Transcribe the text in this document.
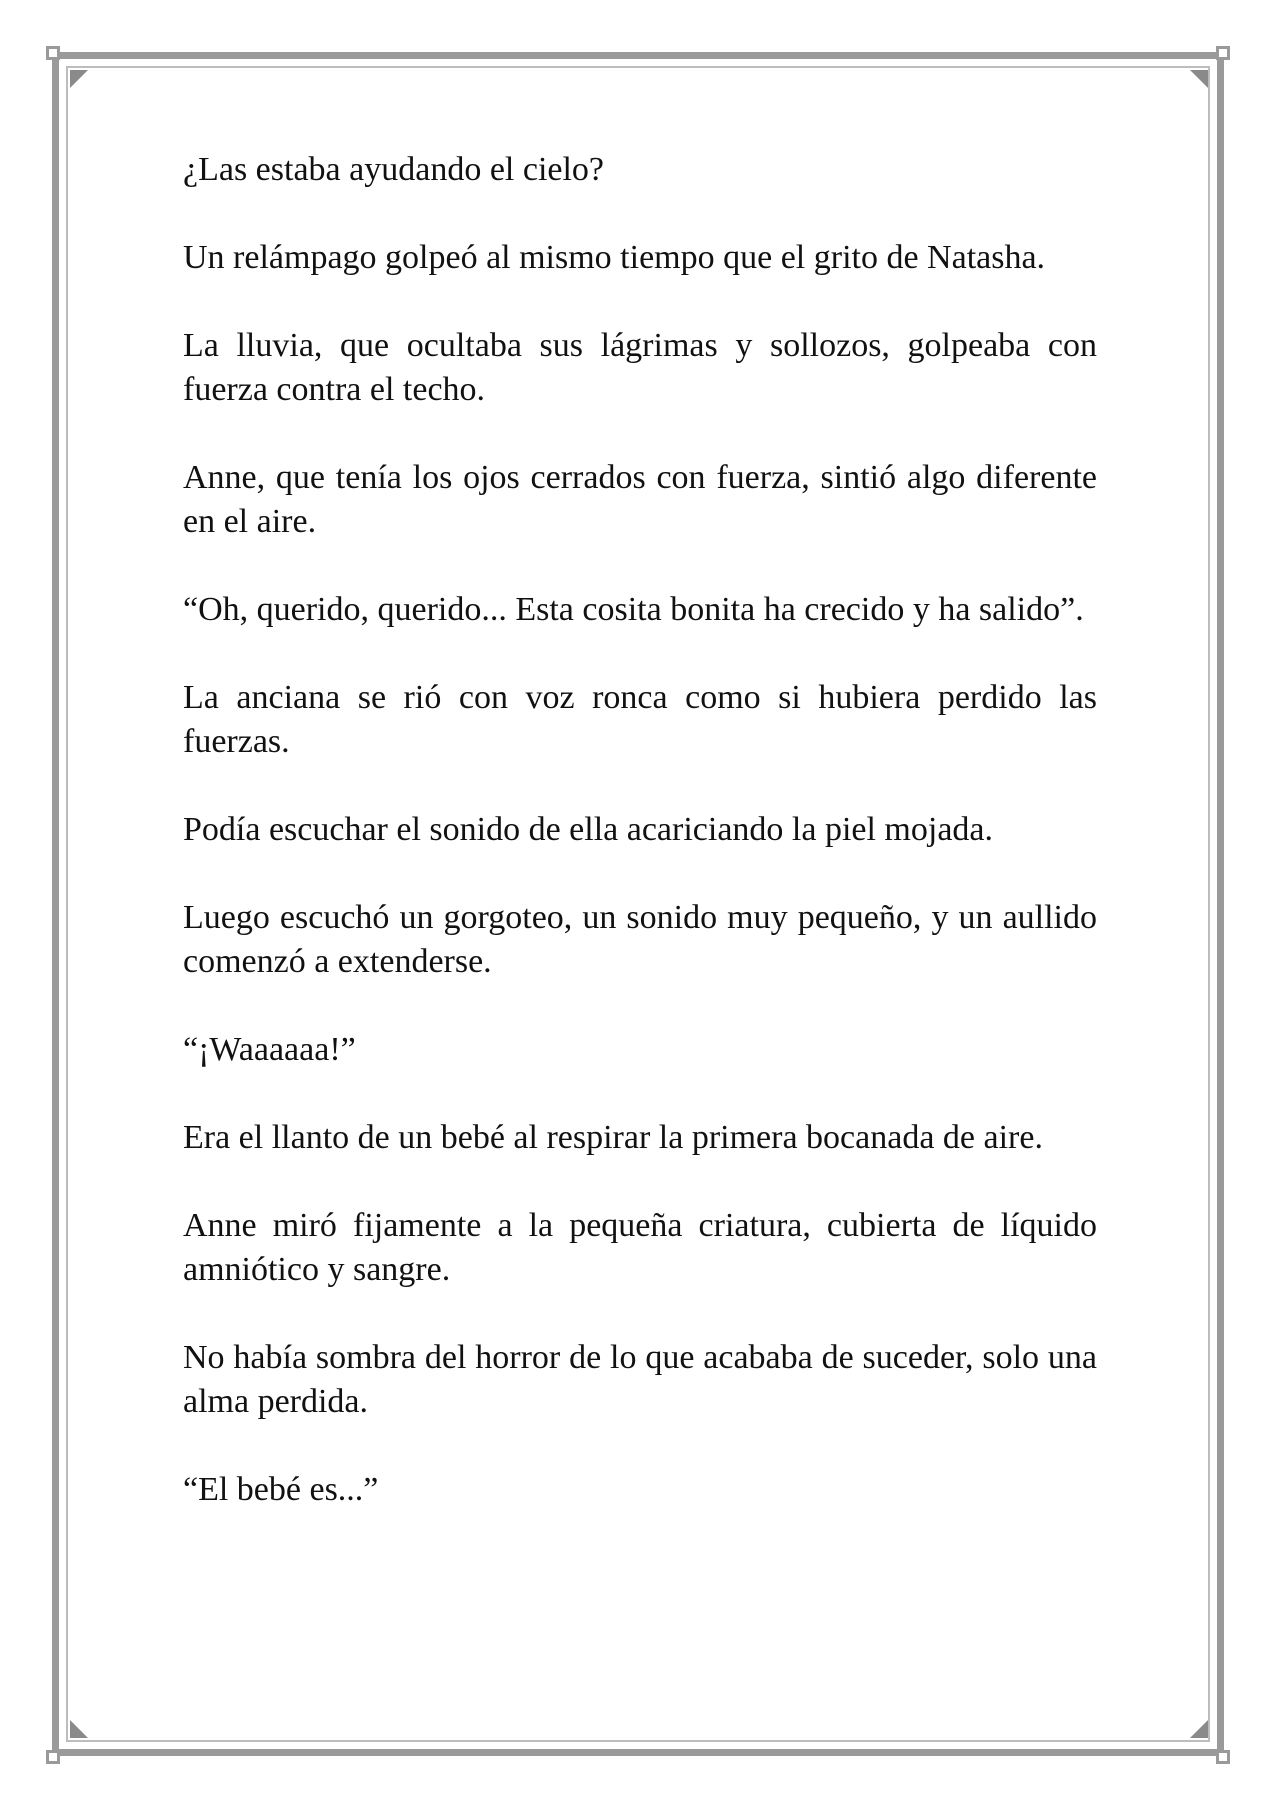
¿Las estaba ayudando el cielo?

Un relámpago golpeó al mismo tiempo que el grito de Natasha.

La lluvia, que ocultaba sus lágrimas y sollozos, golpeaba con fuerza contra el techo.

Anne, que tenía los ojos cerrados con fuerza, sintió algo diferente en el aire.

“Oh, querido, querido... Esta cosita bonita ha crecido y ha salido”.

La anciana se rió con voz ronca como si hubiera perdido las fuerzas.

Podía escuchar el sonido de ella acariciando la piel mojada.

Luego escuchó un gorgoteo, un sonido muy pequeño, y un aullido comenzó a extenderse.

“¡Waaaaaa!”

Era el llanto de un bebé al respirar la primera bocanada de aire.

Anne miró fijamente a la pequeña criatura, cubierta de líquido amniótico y sangre.

No había sombra del horror de lo que acababa de suceder, solo una alma perdida.

“El bebé es...”
